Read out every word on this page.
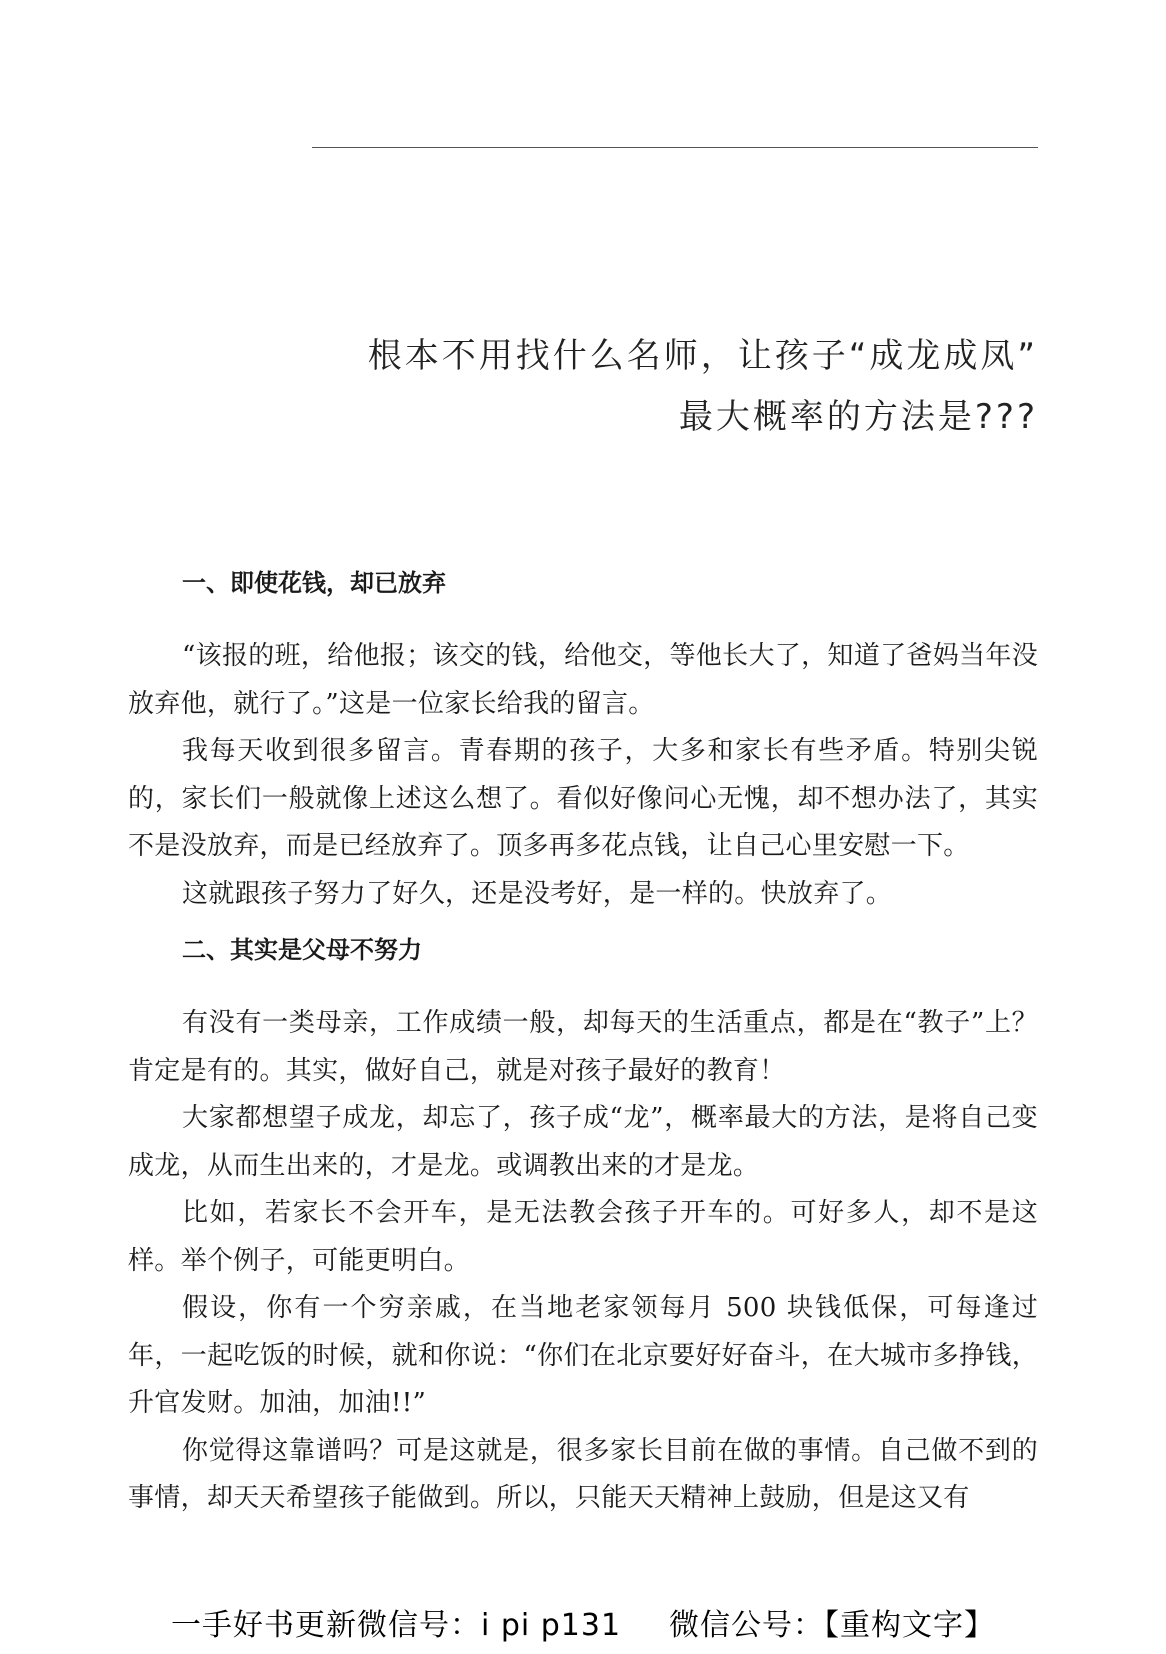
根本不用找什么名师，让孩子“成龙成凤”
最大概率的方法是???
一、即使花钱，却已放弃

“该报的班，给他报；该交的钱，给他交，等他长大了，知道了爸妈当年没放弃他，就行了。”这是一位家长给我的留言。

我每天收到很多留言。青春期的孩子，大多和家长有些矛盾。特别尖锐的，家长们一般就像上述这么想了。看似好像问心无愧，却不想办法了，其实不是没放弃，而是已经放弃了。顶多再多花点钱，让自己心里安慰一下。

这就跟孩子努力了好久，还是没考好，是一样的。快放弃了。

二、其实是父母不努力

有没有一类母亲，工作成绩一般，却每天的生活重点，都是在“教子”上？肯定是有的。其实，做好自己，就是对孩子最好的教育！

大家都想望子成龙，却忘了，孩子成“龙”，概率最大的方法，是将自己变成龙，从而生出来的，才是龙。或调教出来的才是龙。

比如，若家长不会开车，是无法教会孩子开车的。可好多人，却不是这样。举个例子，可能更明白。

假设，你有一个穷亲戚，在当地老家领每月 500 块钱低保，可每逢过年，一起吃饭的时候，就和你说：“你们在北京要好好奋斗，在大城市多挣钱，升官发财。加油，加油!!”

你觉得这靠谱吗？可是这就是，很多家长目前在做的事情。自己做不到的事情，却天天希望孩子能做到。所以，只能天天精神上鼓励，但是这又有

一手好书更新微信号：i pi p131 微信公号：【重构文字】
